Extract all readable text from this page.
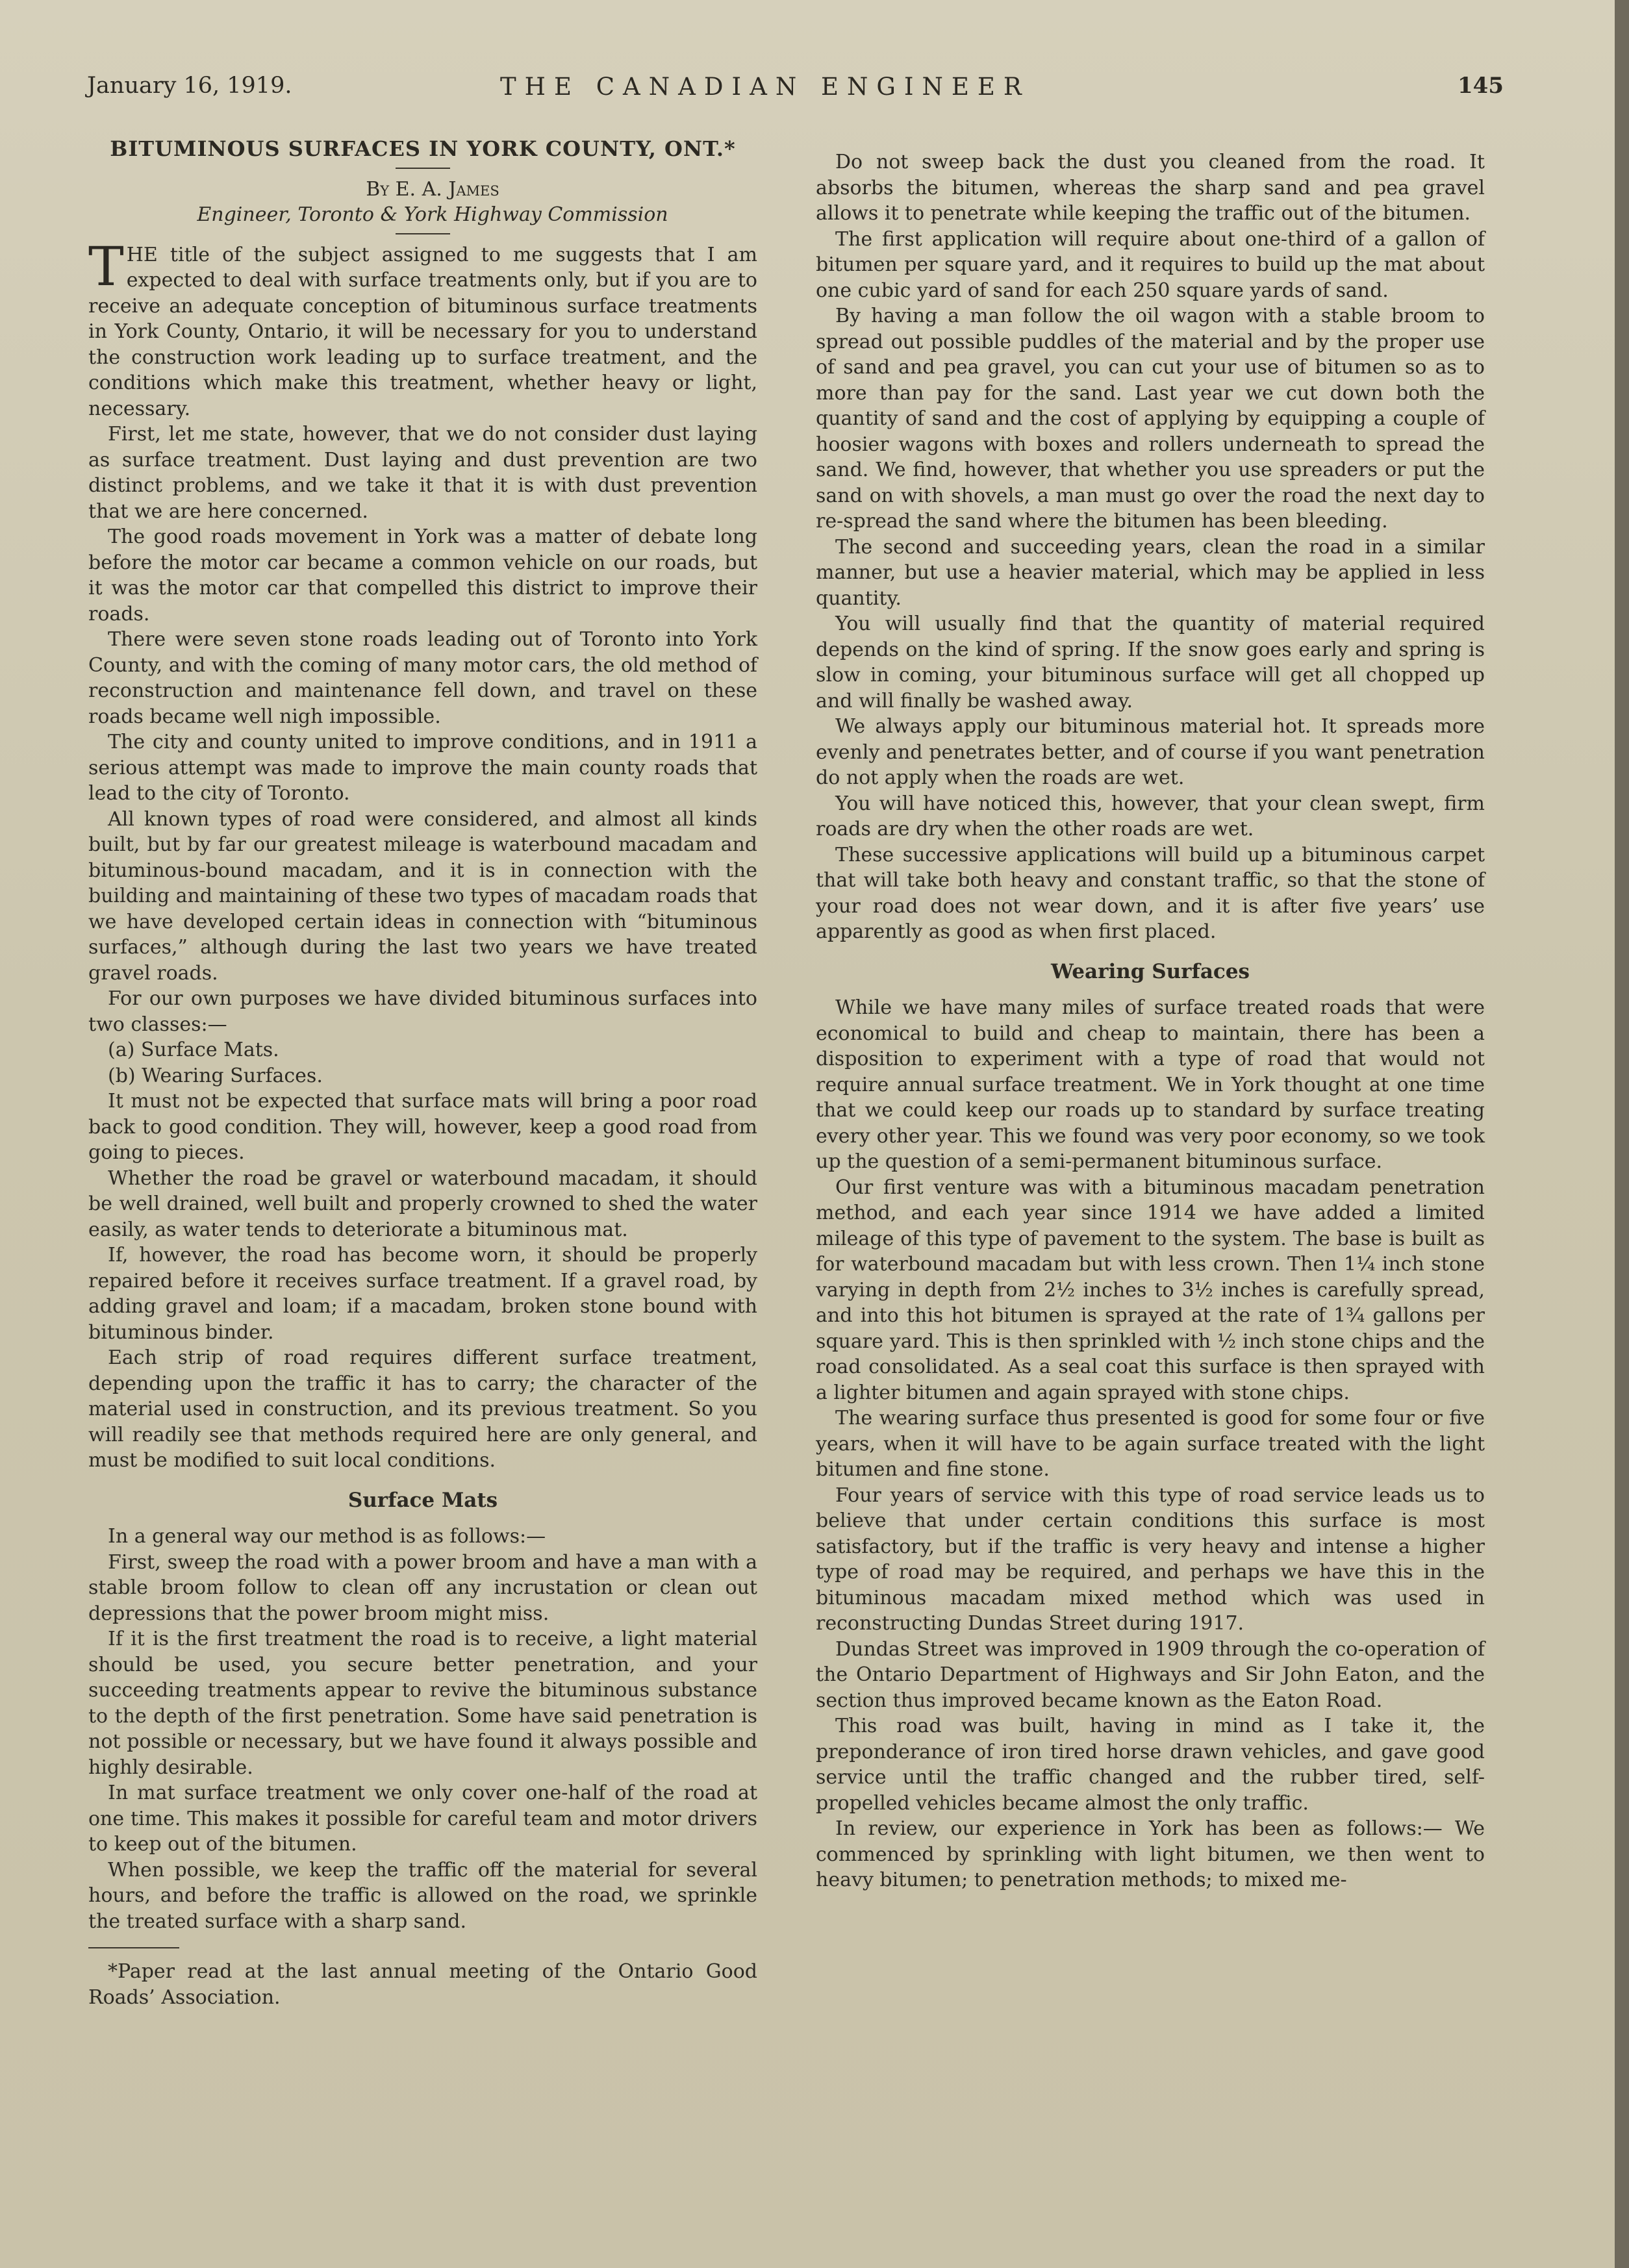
January 16, 1919.	THE CANADIAN ENGINEER	145
BITUMINOUS SURFACES IN YORK COUNTY, ONT.*

By E. A. James

Engineer, Toronto & York Highway Commission

THE title of the subject assigned to me suggests that I am expected to deal with surface treatments only, but if you are to receive an adequate conception of bituminous surface treatments in York County, Ontario, it will be necessary for you to understand the construction work leading up to surface treatment, and the conditions which make this treatment, whether heavy or light, necessary.

First, let me state, however, that we do not consider dust laying as surface treatment. Dust laying and dust prevention are two distinct problems, and we take it that it is with dust prevention that we are here concerned.

The good roads movement in York was a matter of debate long before the motor car became a common vehicle on our roads, but it was the motor car that compelled this district to improve their roads.

There were seven stone roads leading out of Toronto into York County, and with the coming of many motor cars, the old method of reconstruction and maintenance fell down, and travel on these roads became well nigh impossible.

The city and county united to improve conditions, and in 1911 a serious attempt was made to improve the main county roads that lead to the city of Toronto.

All known types of road were considered, and almost all kinds built, but by far our greatest mileage is waterbound macadam and bituminous-bound macadam, and it is in connection with the building and maintaining of these two types of macadam roads that we have developed certain ideas in connection with “bituminous surfaces,” although during the last two years we have treated gravel roads.

For our own purposes we have divided bituminous surfaces into two classes:—

(a) Surface Mats.

(b) Wearing Surfaces.

It must not be expected that surface mats will bring a poor road back to good condition. They will, however, keep a good road from going to pieces.

Whether the road be gravel or waterbound macadam, it should be well drained, well built and properly crowned to shed the water easily, as water tends to deteriorate a bituminous mat.

If, however, the road has become worn, it should be properly repaired before it receives surface treatment. If a gravel road, by adding gravel and loam; if a macadam, broken stone bound with bituminous binder.

Each strip of road requires different surface treatment, depending upon the traffic it has to carry; the character of the material used in construction, and its previous treatment. So you will readily see that methods required here are only general, and must be modified to suit local conditions.

Surface Mats

In a general way our method is as follows:—

First, sweep the road with a power broom and have a man with a stable broom follow to clean off any incrustation or clean out depressions that the power broom might miss.

If it is the first treatment the road is to receive, a light material should be used, you secure better penetration, and your succeeding treatments appear to revive the bituminous substance to the depth of the first penetration. Some have said penetration is not possible or necessary, but we have found it always possible and highly desirable.

In mat surface treatment we only cover one-half of the road at one time. This makes it possible for careful team and motor drivers to keep out of the bitumen.

When possible, we keep the traffic off the material for several hours, and before the traffic is allowed on the road, we sprinkle the treated surface with a sharp sand.

*Paper read at the last annual meeting of the Ontario Good Roads’ Association.

Do not sweep back the dust you cleaned from the road. It absorbs the bitumen, whereas the sharp sand and pea gravel allows it to penetrate while keeping the traffic out of the bitumen.

The first application will require about one-third of a gallon of bitumen per square yard, and it requires to build up the mat about one cubic yard of sand for each 250 square yards of sand.

By having a man follow the oil wagon with a stable broom to spread out possible puddles of the material and by the proper use of sand and pea gravel, you can cut your use of bitumen so as to more than pay for the sand. Last year we cut down both the quantity of sand and the cost of applying by equipping a couple of hoosier wagons with boxes and rollers underneath to spread the sand. We find, however, that whether you use spreaders or put the sand on with shovels, a man must go over the road the next day to re-spread the sand where the bitumen has been bleeding.

The second and succeeding years, clean the road in a similar manner, but use a heavier material, which may be applied in less quantity.

You will usually find that the quantity of material required depends on the kind of spring. If the snow goes early and spring is slow in coming, your bituminous surface will get all chopped up and will finally be washed away.

We always apply our bituminous material hot. It spreads more evenly and penetrates better, and of course if you want penetration do not apply when the roads are wet.

You will have noticed this, however, that your clean swept, firm roads are dry when the other roads are wet.

These successive applications will build up a bituminous carpet that will take both heavy and constant traffic, so that the stone of your road does not wear down, and it is after five years’ use apparently as good as when first placed.

Wearing Surfaces

While we have many miles of surface treated roads that were economical to build and cheap to maintain, there has been a disposition to experiment with a type of road that would not require annual surface treatment. We in York thought at one time that we could keep our roads up to standard by surface treating every other year. This we found was very poor economy, so we took up the question of a semi-permanent bituminous surface.

Our first venture was with a bituminous macadam penetration method, and each year since 1914 we have added a limited mileage of this type of pavement to the system. The base is built as for waterbound macadam but with less crown. Then 1¼ inch stone varying in depth from 2½ inches to 3½ inches is carefully spread, and into this hot bitumen is sprayed at the rate of 1¾ gallons per square yard. This is then sprinkled with ½ inch stone chips and the road consolidated. As a seal coat this surface is then sprayed with a lighter bitumen and again sprayed with stone chips.

The wearing surface thus presented is good for some four or five years, when it will have to be again surface treated with the light bitumen and fine stone.

Four years of service with this type of road service leads us to believe that under certain conditions this surface is most satisfactory, but if the traffic is very heavy and intense a higher type of road may be required, and perhaps we have this in the bituminous macadam mixed method which was used in reconstructing Dundas Street during 1917.

Dundas Street was improved in 1909 through the co-operation of the Ontario Department of Highways and Sir John Eaton, and the section thus improved became known as the Eaton Road.

This road was built, having in mind as I take it, the preponderance of iron tired horse drawn vehicles, and gave good service until the traffic changed and the rubber tired, self-propelled vehicles became almost the only traffic.

In review, our experience in York has been as follows:— We commenced by sprinkling with light bitumen, we then went to heavy bitumen; to penetration methods; to mixed me-
